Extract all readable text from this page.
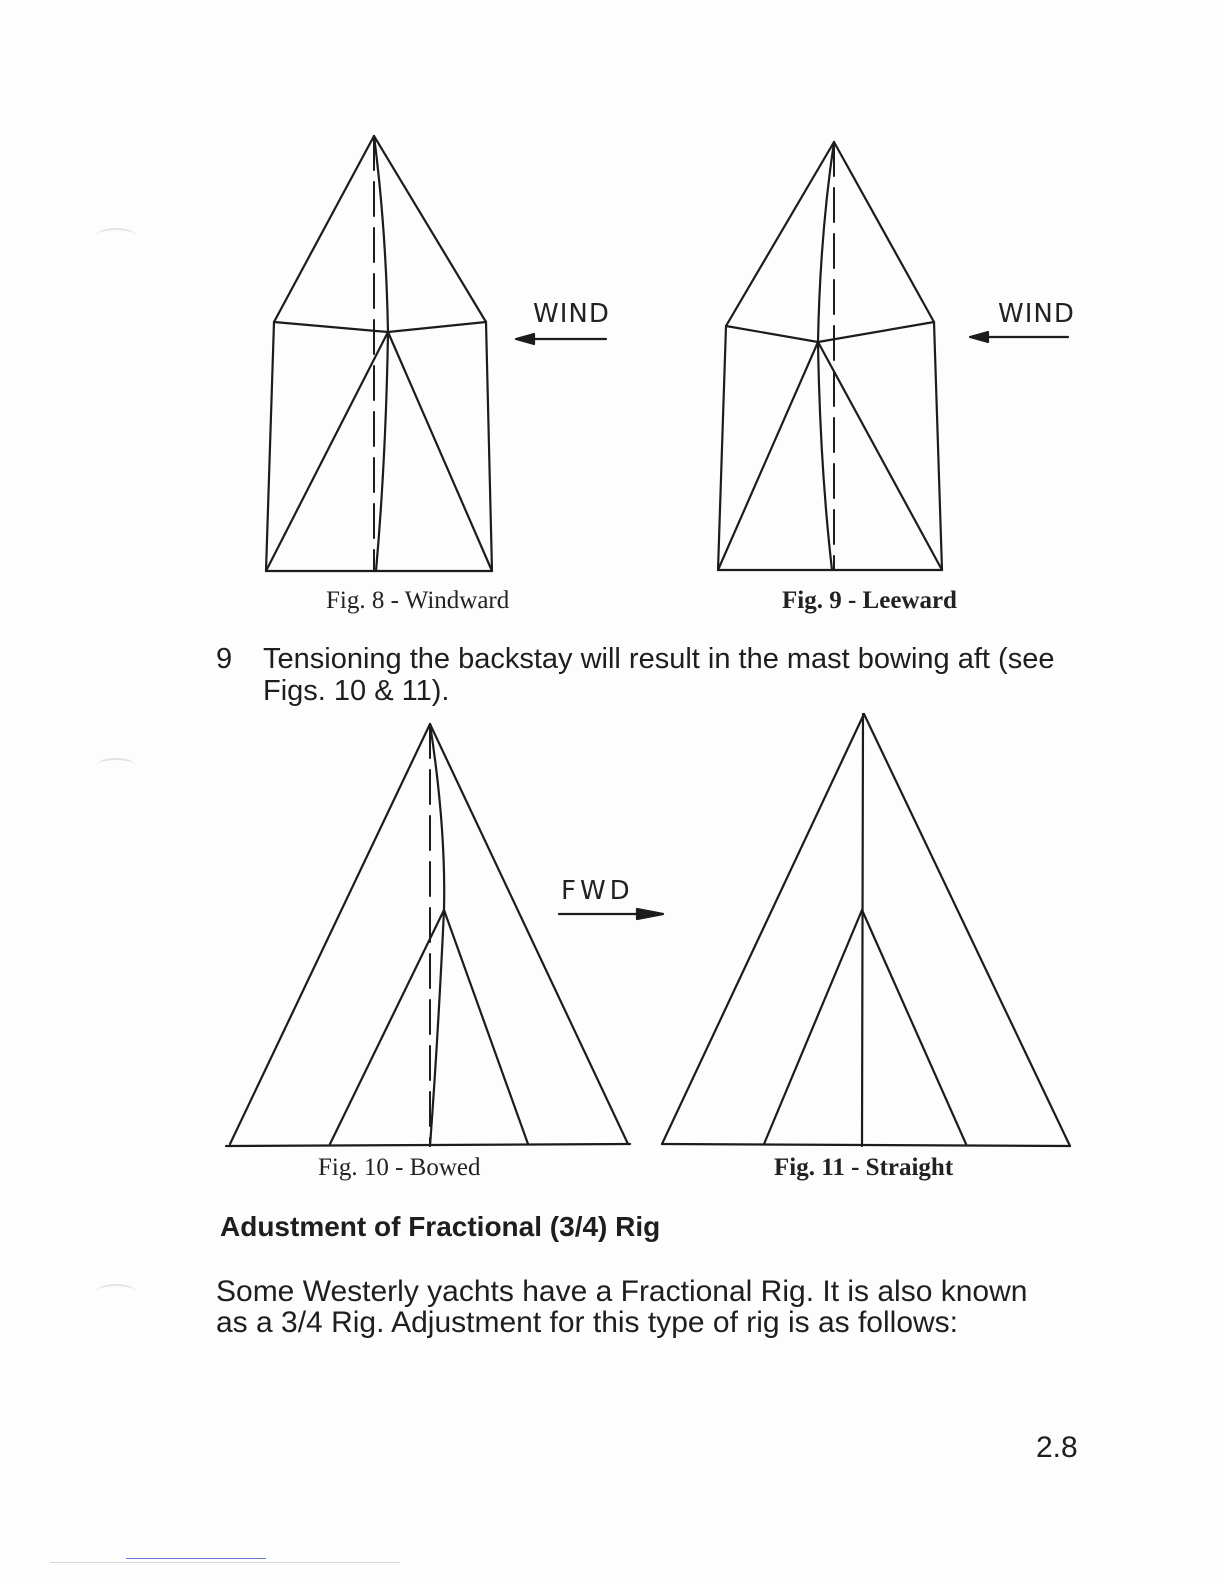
WIND
Fig. 8 - Windward
WIND
Fig. 9 - Leeward
9 Tensioning the backstay will result in the mast bowing aft (see Figs. 10 & 11).
FWD
Fig. 10 - Bowed	Fig. 11 - Straight
Adustment of Fractional (3/4) Rig
Some Westerly yachts have a Fractional Rig. It is also known as a 3/4 Rig. Adjustment for this type of rig is as follows:
2.8
